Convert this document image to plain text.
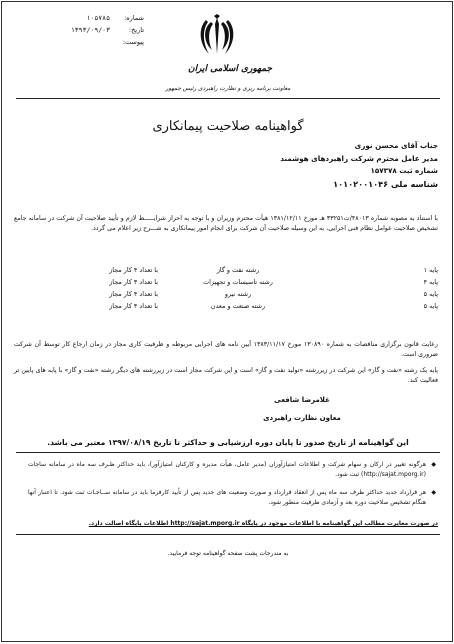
شماره:
۱۰۵۷۸۵
تاریخ:
۱۳۹۳/۰۹/۰۳
پیوست:
جمهوری اسلامی ایران
معاونت برنامه ریزی و نظارت راهبردی رئیس جمهور
گواهینامه صلاحیت پیمانکاری
جناب آقای محسن نوری
مدیر عامل محترم شرکت راهبردهای هوشمند
شماره ثبت ۱۵۷۳۷۸
شناسه ملی ۱۰۱۰۲۰۰۱۰۴۶
با استناد به مصوبه شماره ۴۸۰۱۳/ت۳۳۲۵۱ هـ مورخ ۱۳۸۱/۱۲/۱۱ هیأت محترم وزیران و با توجه به احراز شرایـــــط لازم و تأیید صلاحیت آن شرکت در سامانه جامع تشخیص صلاحیت عوامل نظام فنی اجرایی، به این وسیله صلاحیت آن شرکت برای انجام امور پیمانکاری به شـــرح زیر اعلام می گردد.
پایه ۱
رشته نفت و گاز
با تعداد ۴ کار مجاز
پایه ۴
رشته تاسیسات و تجهیزات
با تعداد ۳ کار مجاز
پایه ۵
رشته نیرو
با تعداد ۴ کار مجاز
پایه ۵
رشته صنعت و معدن
با تعداد ۴ کار مجاز
رعایت قانون برگزاری مناقصات به شماره ۱۳۰۸۹۰ مورخ ۱۳۸۳/۱۱/۱۷ آیین نامه های اجرایی مربوطه و ظرفیت کاری مجاز در زمان ارجاع کار توسط آن شرکت ضروری است.
پایه یک رشته «نفت و گاز» این شرکت در زیررشته «تولید نفت و گاز» است و این شرکت مجاز است در زیررشته های دیگر رشته «نفت و گاز» با پایه های پایین تر فعالیت کند.
غلامرضا شافعی
معاون نظارت راهبردی
این گواهینامه از تاریخ صدور تا پایان دوره ارزشیابی و حداکثر تا تاریخ ۱۳۹۷/۰۸/۱۹ معتبر می باشد.
◆
هرگونه تغییر در ارکان و سهام شرکت و اطلاعات امتیازآوران (مدیر عامل، هیأت مدیره و کارکنان امتیازآور)، باید حداکثر ظـرف سه ماه در سامانه ساجات (http://sajat.mporg.ir) ثبت شود.
◆
هر قرارداد جدید حداکثر ظرف سه ماه پس از انعقاد قرارداد و صورت وضعیت های جدید پس از تأیید کارفرما باید در سامانه ســاجـات ثبت شود. تا اعتبار آنها هنگام تشخیص صلاحیت دوره بعد و آزمادی ظرفیت منظور شود.
در صورت مغایرت مطالب این گواهینامه با اطلاعات موجود در پایگاه http://sajat.mporg.ir اطلاعات پایگاه اصالت دارد.
به مندرجات پشت صفحه گواهینامه توجه فرمایید.
